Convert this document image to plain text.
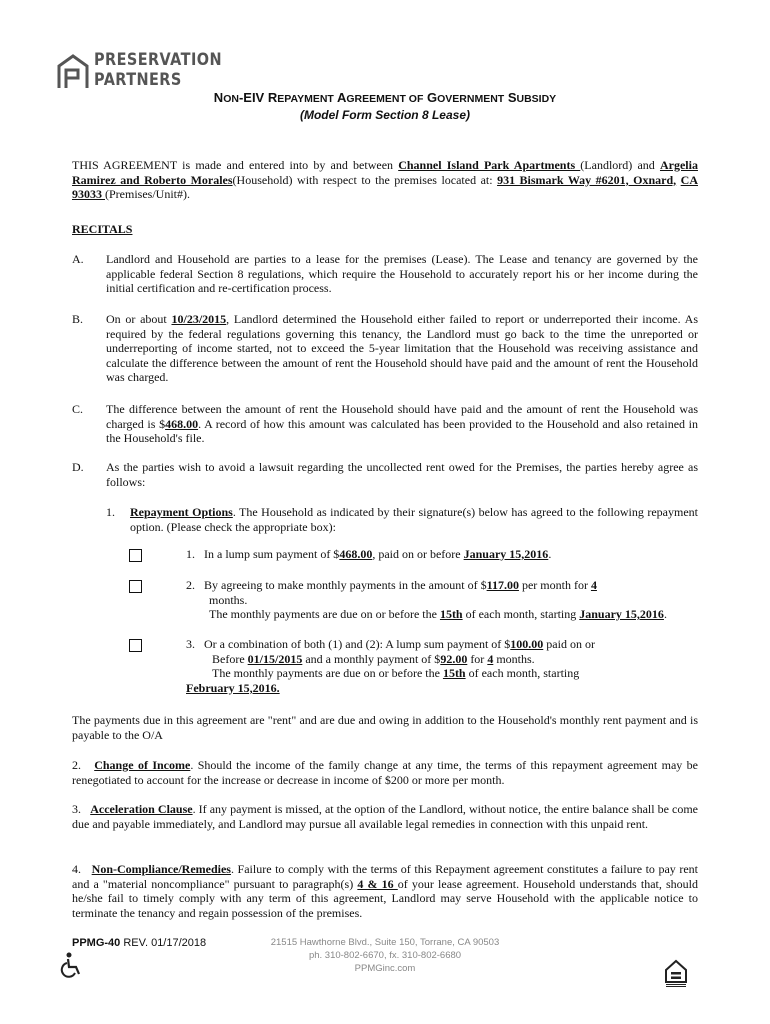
PRESERVATION
PARTNERS
NON-EIV REPAYMENT AGREEMENT OF GOVERNMENT SUBSIDY
(Model Form Section 8 Lease)
THIS AGREEMENT is made and entered into by and between Channel Island Park Apartments (Landlord) and Argelia Ramirez and Roberto Morales(Household) with respect to the premises located at: 931 Bismark Way #6201, Oxnard, CA 93033 (Premises/Unit#).
RECITALS
A. Landlord and Household are parties to a lease for the premises (Lease). The Lease and tenancy are governed by the applicable federal Section 8 regulations, which require the Household to accurately report his or her income during the initial certification and re-certification process.
B. On or about 10/23/2015, Landlord determined the Household either failed to report or underreported their income. As required by the federal regulations governing this tenancy, the Landlord must go back to the time the unreported or underreporting of income started, not to exceed the 5-year limitation that the Household was receiving assistance and calculate the difference between the amount of rent the Household should have paid and the amount of rent the Household was charged.
C. The difference between the amount of rent the Household should have paid and the amount of rent the Household was charged is $468.00. A record of how this amount was calculated has been provided to the Household and also retained in the Household's file.
D. As the parties wish to avoid a lawsuit regarding the uncollected rent owed for the Premises, the parties hereby agree as follows:
1. Repayment Options. The Household as indicated by their signature(s) below has agreed to the following repayment option. (Please check the appropriate box):
1. In a lump sum payment of $468.00, paid on or before January 15,2016.
2. By agreeing to make monthly payments in the amount of $117.00 per month for 4
months.
The monthly payments are due on or before the 15th of each month, starting January 15,2016.
3. Or a combination of both (1) and (2): A lump sum payment of $100.00 paid on or
Before 01/15/2015 and a monthly payment of $92.00 for 4 months.
The monthly payments are due on or before the 15th of each month, starting
February 15,2016.
The payments due in this agreement are "rent" and are due and owing in addition to the Household's monthly rent payment and is payable to the O/A
2. Change of Income. Should the income of the family change at any time, the terms of this repayment agreement may be renegotiated to account for the increase or decrease in income of $200 or more per month.
3. Acceleration Clause. If any payment is missed, at the option of the Landlord, without notice, the entire balance shall be come due and payable immediately, and Landlord may pursue all available legal remedies in connection with this unpaid rent.
4. Non-Compliance/Remedies. Failure to comply with the terms of this Repayment agreement constitutes a failure to pay rent and a "material noncompliance" pursuant to paragraph(s) 4 & 16 of your lease agreement. Household understands that, should he/she fail to timely comply with any term of this agreement, Landlord may serve Household with the applicable notice to terminate the tenancy and regain possession of the premises.
PPMG-40 REV. 01/17/2018	21515 Hawthorne Blvd., Suite 150, Torrane, CA 90503
ph. 310-802-6670, fx. 310-802-6680
PPMGinc.com
